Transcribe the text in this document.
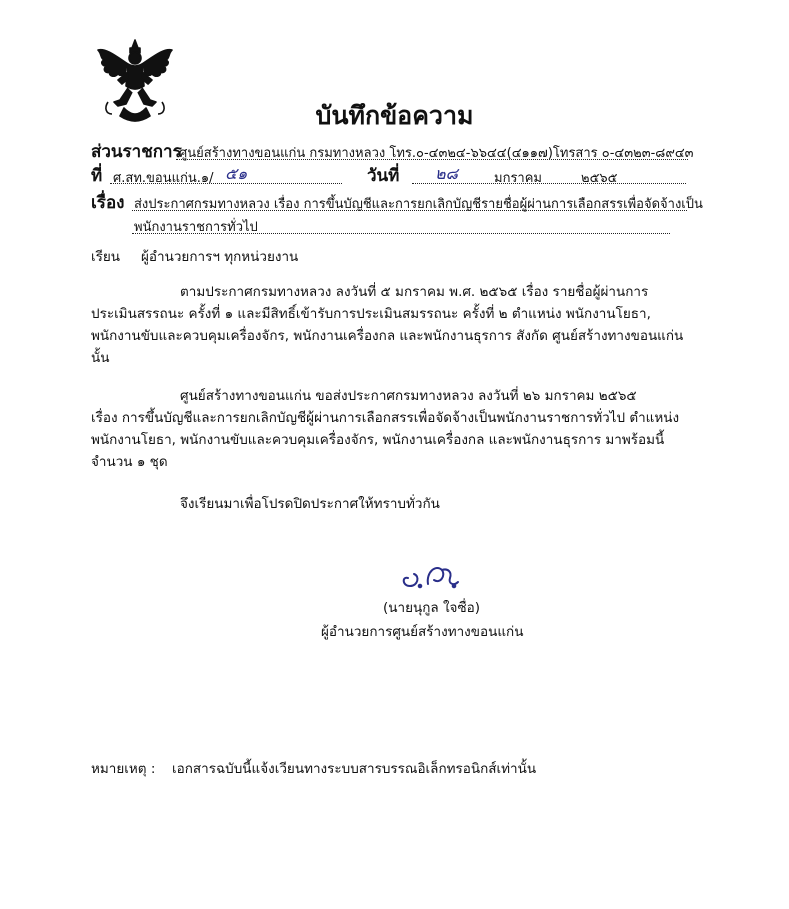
บันทึกข้อความ
ส่วนราชการ
ศูนย์สร้างทางขอนแก่น กรมทางหลวง โทร.๐-๔๓๒๔-๖๖๔๔(๔๑๑๗)โทรสาร ๐-๔๓๒๓-๘๙๔๓
ที่ ศ.สท.ขอนแก่น.๑/ ๕๑	วันที่ ๒๘	มกราคม	๒๕๖๕
เรื่อง ส่งประกาศกรมทางหลวง เรื่อง การขึ้นบัญชีและการยกเลิกบัญชีรายชื่อผู้ผ่านการเลือกสรรเพื่อจัดจ้างเป็น
พนักงานราชการทั่วไป
เรียน ผู้อำนวยการฯ ทุกหน่วยงาน
ตามประกาศกรมทางหลวง ลงวันที่ ๕ มกราคม พ.ศ. ๒๕๖๕ เรื่อง รายชื่อผู้ผ่านการ
ประเมินสรรถนะ ครั้งที่ ๑ และมีสิทธิ์เข้ารับการประเมินสมรรถนะ ครั้งที่ ๒ ตำแหน่ง พนักงานโยธา,
พนักงานขับและควบคุมเครื่องจักร, พนักงานเครื่องกล และพนักงานธุรการ สังกัด ศูนย์สร้างทางขอนแก่น
นั้น
ศูนย์สร้างทางขอนแก่น ขอส่งประกาศกรมทางหลวง ลงวันที่ ๒๖ มกราคม ๒๕๖๕
เรื่อง การขึ้นบัญชีและการยกเลิกบัญชีผู้ผ่านการเลือกสรรเพื่อจัดจ้างเป็นพนักงานราชการทั่วไป ตำแหน่ง
พนักงานโยธา, พนักงานขับและควบคุมเครื่องจักร, พนักงานเครื่องกล และพนักงานธุรการ มาพร้อมนี้
จำนวน ๑ ชุด
จึงเรียนมาเพื่อโปรดปิดประกาศให้ทราบทั่วกัน
(นายนุกูล ใจซื่อ)
ผู้อำนวยการศูนย์สร้างทางขอนแก่น
หมายเหตุ : เอกสารฉบับนี้แจ้งเวียนทางระบบสารบรรณอิเล็กทรอนิกส์เท่านั้น
